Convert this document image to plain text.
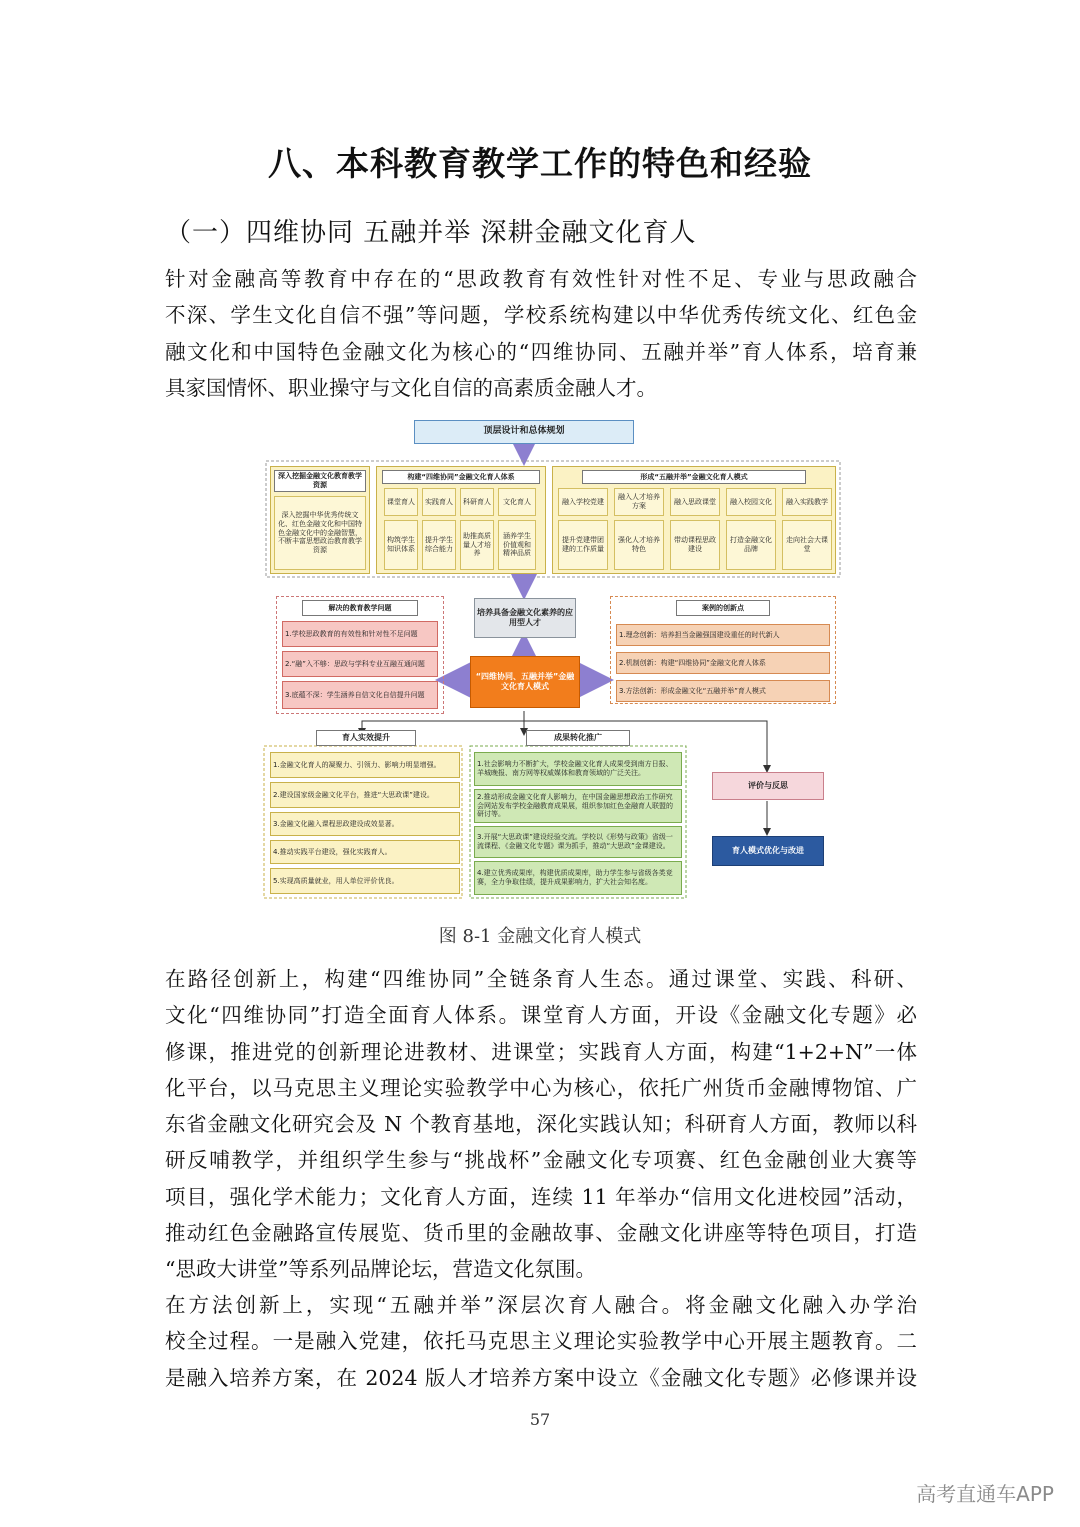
八、本科教育教学工作的特色和经验
（一）四维协同 五融并举 深耕金融文化育人
针对金融高等教育中存在的“思政教育有效性针对性不足、专业与思政融合
不深、学生文化自信不强”等问题，学校系统构建以中华优秀传统文化、红色金
融文化和中国特色金融文化为核心的“四维协同、五融并举”育人体系，培育兼
具家国情怀、职业操守与文化自信的高素质金融人才。
顶层设计和总体规划
深入挖掘金融文化教育教学资源
深入挖掘中华优秀传统文化、红色金融文化和中国特色金融文化中的金融智慧，不断丰富思想政治教育教学资源
构建“四维协同”金融文化育人体系
课堂育人	实践育人	科研育人	文化育人
构筑学生知识体系
提升学生综合能力
助推高质量人才培养
涵养学生价值观和精神品质
形成“五融并举”金融文化育人模式
融入学校党建
融入人才培养方案
融入思政课堂	融入校园文化	融入实践教学
提升党建带团建的工作质量
强化人才培养特色
带动课程思政建设
打造金融文化品牌
走向社会大课堂
解决的教育教学问题
1.学校思政教育的有效性和针对性不足问题
2.“融”入不够：思政与学科专业互融互通问题
3.底蕴不深：学生涵养自信文化自信提升问题
培养具备金融文化素养的应用型人才
“四维协同、五融并举”金融文化育人模式
案例的创新点
1.理念创新：培养担当金融强国建设重任的时代新人
2.机制创新：构建“四维协同”金融文化育人体系
3.方法创新：形成金融文化“五融并举”育人模式
育人实效提升
1.金融文化育人的凝聚力、引领力、影响力明显增强。
2.建设国家级金融文化平台，推进“大思政课”建设。
3.金融文化融入课程思政建设成效显著。
4.推动实践平台建设，强化实践育人。
5.实现高质量就业，用人单位评价优良。
成果转化推广
1.社会影响力不断扩大，学校金融文化育人成果受到南方日报、羊城晚报、南方网等权威媒体和教育领域的广泛关注。
2.推动形成金融文化育人影响力，在中国金融思想政治工作研究会网站发布学校金融教育成果展，组织参加红色金融育人联盟的研讨等。
3.开展“大思政课”建设经验交流。学校以《形势与政策》省级一流课程、《金融文化专题》课为抓手，推动“大思政”金课建设。
4.建立优秀成果库，构建优质成果库，助力学生参与省级各类竞赛，全力争取佳绩，提升成果影响力，扩大社会知名度。
评价与反思
育人模式优化与改进
图 8-1 金融文化育人模式
在路径创新上，构建“四维协同”全链条育人生态。通过课堂、实践、科研、
文化“四维协同”打造全面育人体系。课堂育人方面，开设《金融文化专题》必
修课，推进党的创新理论进教材、进课堂；实践育人方面，构建“1+2+N”一体
化平台，以马克思主义理论实验教学中心为核心，依托广州货币金融博物馆、广
东省金融文化研究会及 N 个教育基地，深化实践认知；科研育人方面，教师以科
研反哺教学，并组织学生参与“挑战杯”金融文化专项赛、红色金融创业大赛等
项目，强化学术能力；文化育人方面，连续 11 年举办“信用文化进校园”活动，
推动红色金融路宣传展览、货币里的金融故事、金融文化讲座等特色项目，打造
“思政大讲堂”等系列品牌论坛，营造文化氛围。
在方法创新上，实现“五融并举”深层次育人融合。将金融文化融入办学治
校全过程。一是融入党建，依托马克思主义理论实验教学中心开展主题教育。二
是融入培养方案，在 2024 版人才培养方案中设立《金融文化专题》必修课并设
57
高考直通车APP
